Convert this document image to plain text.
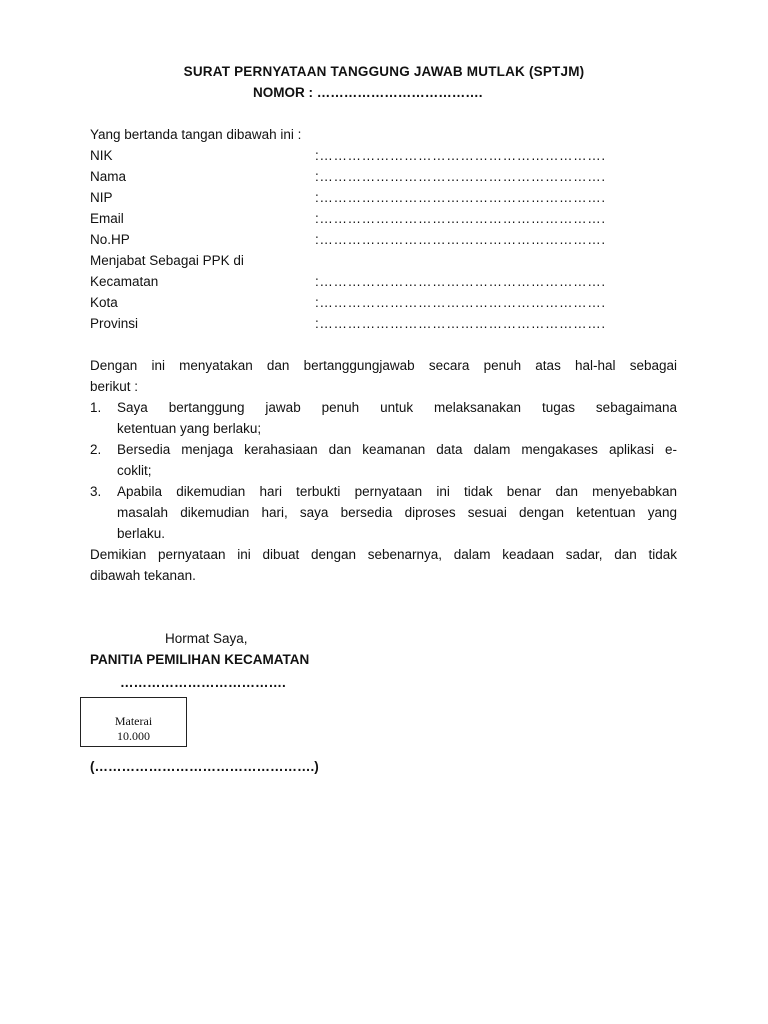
SURAT PERNYATAAN TANGGUNG JAWAB MUTLAK (SPTJM)
NOMOR : ……………………………….
Yang bertanda tangan dibawah ini :
NIK	:…………………………………………………….
Nama	:…………………………………………………….
NIP	:…………………………………………………….
Email	:…………………………………………………….
No.HP	:…………………………………………………….
Menjabat Sebagai PPK di
Kecamatan	:…………………………………………………….
Kota	:…………………………………………………….
Provinsi	:…………………………………………………….
Dengan ini menyatakan dan bertanggungjawab secara penuh atas hal-hal sebagai
berikut :
1. Saya bertanggung jawab penuh untuk melaksanakan tugas sebagaimana
ketentuan yang berlaku;
2. Bersedia menjaga kerahasiaan dan keamanan data dalam mengakases aplikasi e-
coklit;
3. Apabila dikemudian hari terbukti pernyataan ini tidak benar dan menyebabkan
masalah dikemudian hari, saya bersedia diproses sesuai dengan ketentuan yang
berlaku.
Demikian pernyataan ini dibuat dengan sebenarnya, dalam keadaan sadar, dan tidak
dibawah tekanan.
Hormat Saya,
PANITIA PEMILIHAN KECAMATAN
……………………………….
Materai
10.000
(………………………………………….)
